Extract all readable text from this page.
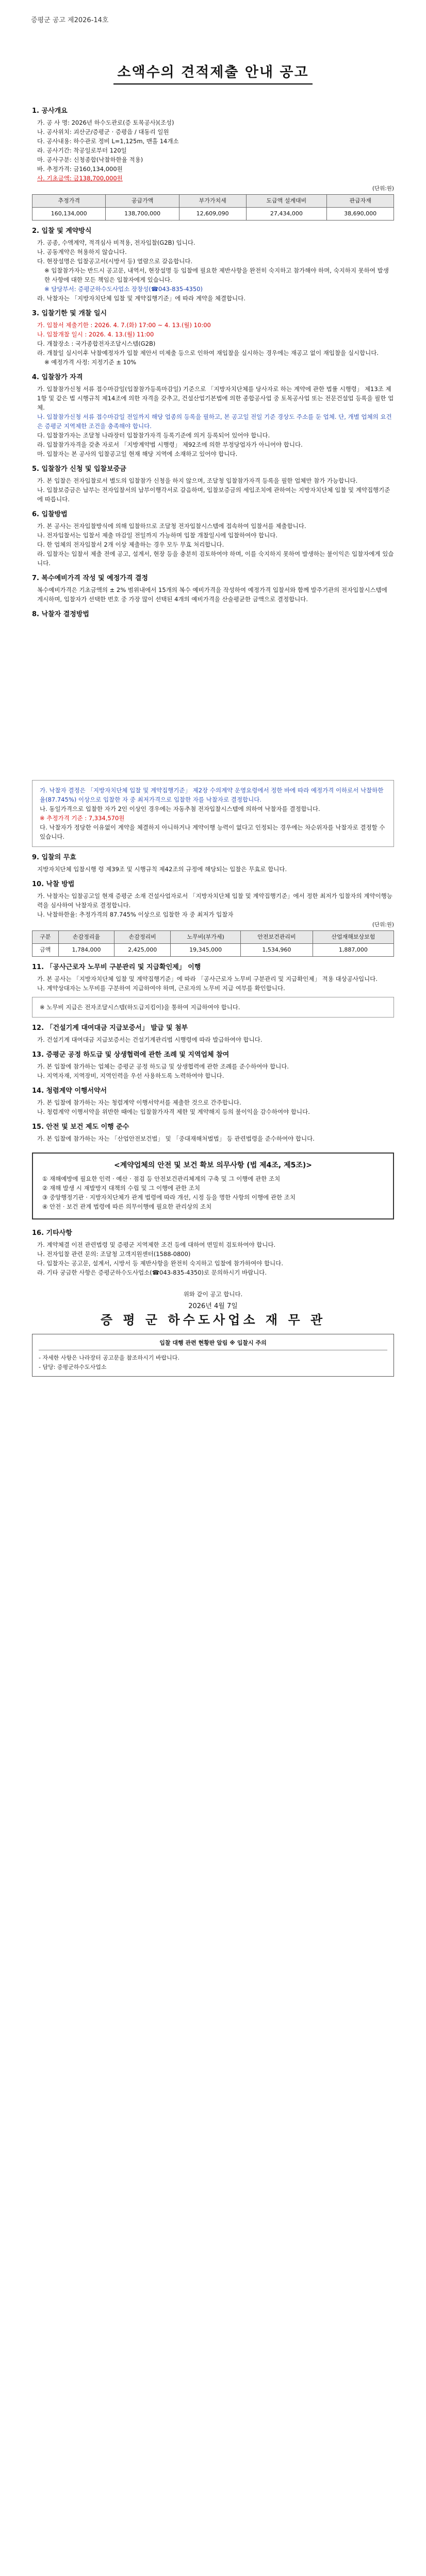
증평군 공고 제2026-14호
소액수의 견적제출 안내 공고
1. 공사개요
가. 공 사 명: 2026년 하수도관로(증 토목공사)(조성)
나. 공사위치: 괴산군/증평군 · 증평읍 / 대동리 일원
다. 공사내용: 하수관로 정비 L=1,125m, 맨홀 14개소
라. 공사기간: 착공일로부터 120일
마. 공사구분: 신청종합(낙찰하한율 적용)
바. 추정가격: 금160,134,000원
사. 기초금액: 금138,700,000원
(단위:원)
추정가격	공급가액	부가가치세	도급액 설계대비	관급자재
160,134,000	138,700,000	12,609,090	27,434,000	38,690,000
2. 입찰 및 계약방식
가. 공종, 수액계약, 적격심사 비적용, 전자입찰(G2B) 입니다.
나. 공동계약은 허용하지 않습니다.
다. 현장설명은 입찰공고서(시방서 등) 열람으로 갈음합니다.
※ 입찰참가자는 반드시 공고문, 내역서, 현장설명 등 입찰에 필요한 제반사항을 완전히 숙지하고 참가해야 하며, 숙지하지 못하여 발생한 사항에 대한 모든 책임은 입찰자에게 있습니다.
※ 담당부서: 증평군하수도사업소 장창성(☎043-835-4350)
라. 낙찰자는 「지방자치단체 입찰 및 계약집행기준」에 따라 계약을 체결합니다.
3. 입찰기한 및 개찰 일시
가. 입찰서 제출기한 : 2026. 4. 7.(화) 17:00 ~ 4. 13.(월) 10:00
나. 입찰개찰 일시 : 2026. 4. 13.(월) 11:00
다. 개찰장소 : 국가종합전자조달시스템(G2B)
라. 개찰일 실시이후 낙찰예정자가 입찰 제안서 미제출 등으로 인하여 재입찰을 실시하는 경우에는 재공고 없이 재입찰을 실시합니다.
※ 예정가격 사정: 지정기준 ± 10%
4. 입찰참가 자격
가. 입찰참가신청 서류 접수마감일(입찰참가등록마감일) 기준으로 「지방자치단체를 당사자로 하는 계약에 관한 법률 시행령」 제13조 제1항 및 같은 법 시행규칙 제14조에 의한 자격을 갖추고, 건설산업기본법에 의한 종합공사업 중 토목공사업 또는 전문건설업 등록을 필한 업체.
나. 입찰참가신청 서류 접수마감일 전일까지 해당 업종의 등록을 필하고, 본 공고일 전일 기준 경상도 주소를 둔 업체. 단, 개별 업체의 요건은 증평군 지역제한 조건을 충족해야 합니다.
다. 입찰참가자는 조달청 나라장터 입찰참가자격 등록기준에 의거 등록되어 있어야 합니다.
라. 입찰참가자격을 갖춘 자로서 「지방계약법 시행령」 제92조에 의한 부정당업자가 아니어야 합니다.
마. 입찰자는 본 공사의 입찰공고일 현재 해당 지역에 소재하고 있어야 합니다.
5. 입찰참가 신청 및 입찰보증금
가. 본 입찰은 전자입찰로서 별도의 입찰참가 신청을 하지 않으며, 조달청 입찰참가자격 등록을 필한 업체만 참가 가능합니다.
나. 입찰보증금은 납부는 전자입찰서의 납부이행각서로 갈음하며, 입찰보증금의 세입조치에 관하여는 지방자치단체 입찰 및 계약집행기준에 따릅니다.
6. 입찰방법
가. 본 공사는 전자입찰방식에 의해 입찰하므로 조달청 전자입찰시스템에 접속하여 입찰서를 제출합니다.
나. 전자입찰서는 입찰서 제출 마감일 전일까지 가능하며 입찰 개찰일시에 입찰하여야 합니다.
다. 한 업체의 전자입찰서 2개 이상 제출하는 경우 모두 무효 처리합니다.
라. 입찰자는 입찰서 제출 전에 공고, 설계서, 현장 등을 충분히 검토하여야 하며, 이를 숙지하지 못하여 발생하는 불이익은 입찰자에게 있습니다.
7. 복수예비가격 작성 및 예정가격 결정
복수예비가격은 기초금액의 ± 2% 범위내에서 15개의 복수 예비가격을 작성하여 예정가격 입찰서와 함께 발주기관의 전자입찰시스템에 게시하며, 입찰자가 선택한 번호 중 가장 많이 선택된 4개의 예비가격을 산술평균한 금액으로 결정합니다.
8. 낙찰자 결정방법
가. 낙찰자 결정은 「지방자치단체 입찰 및 계약집행기준」 제2장 수의계약 운영요령에서 정한 바에 따라 예정가격 이하로서 낙찰하한율(87.745%) 이상으로 입찰한 자 중 최저가격으로 입찰한 자를 낙찰자로 결정합니다.
나. 동일가격으로 입찰한 자가 2인 이상인 경우에는 자동추첨 전자입찰시스템에 의하여 낙찰자를 결정합니다.
※ 추정가격 기준 : 7,334,570원
다. 낙찰자가 정당한 이유없이 계약을 체결하지 아니하거나 계약이행 능력이 없다고 인정되는 경우에는 차순위자를 낙찰자로 결정할 수 있습니다.
9. 입찰의 무효
지방자치단체 입찰시행 령 제39조 및 시행규칙 제42조의 규정에 해당되는 입찰은 무효로 합니다.
10. 낙찰 방법
가. 낙찰자는 입찰공고일 현재 증평군 소재 건설사업자로서 「지방자치단체 입찰 및 계약집행기준」에서 정한 최저가 입찰자의 계약이행능력을 심사하여 낙찰자로 결정합니다.
나. 낙찰하한율: 추정가격의 87.745% 이상으로 입찰한 자 중 최저가 입찰자
(단위:원)
구분	손감정리율	손감정리비	노무비(부가세)	안전보건관리비	산업재해보상보험
금액	1,784,000	2,425,000	19,345,000	1,534,960	1,887,000
11. 「공사근로자 노무비 구분관리 및 지급확인제」 이행
가. 본 공사는 「지방자치단체 입찰 및 계약집행기준」에 따라 「공사근로자 노무비 구분관리 및 지급확인제」 적용 대상공사입니다.
나. 계약상대자는 노무비를 구분하여 지급하여야 하며, 근로자의 노무비 지급 여부를 확인합니다.
※ 노무비 지급은 전자조달시스템(하도급지킴이)을 통하여 지급하여야 합니다.
12. 「건설기계 대여대금 지급보증서」 발급 및 첨부
가. 건설기계 대여대금 지급보증서는 건설기계관리법 시행령에 따라 발급하여야 합니다.
13. 증평군 공정 하도급 및 상생협력에 관한 조례 및 지역업체 참여
가. 본 입찰에 참가하는 업체는 증평군 공정 하도급 및 상생협력에 관한 조례를 준수하여야 합니다.
나. 지역자재, 지역장비, 지역인력을 우선 사용하도록 노력하여야 합니다.
14. 청렴계약 이행서약서
가. 본 입찰에 참가하는 자는 청렴계약 이행서약서를 제출한 것으로 간주합니다.
나. 청렴계약 이행서약을 위반한 때에는 입찰참가자격 제한 및 계약해지 등의 불이익을 감수하여야 합니다.
15. 안전 및 보건 제도 이행 준수
가. 본 입찰에 참가하는 자는 「산업안전보건법」 및 「중대재해처벌법」 등 관련법령을 준수하여야 합니다.
<계약업체의 안전 및 보건 확보 의무사항 (법 제4조, 제5조)>
① 재해예방에 필요한 인력 · 예산 · 점검 등 안전보건관리체계의 구축 및 그 이행에 관한 조치
② 재해 발생 시 재발방지 대책의 수립 및 그 이행에 관한 조치
③ 중앙행정기관 · 지방자치단체가 관계 법령에 따라 개선, 시정 등을 명한 사항의 이행에 관한 조치
④ 안전 · 보건 관계 법령에 따른 의무이행에 필요한 관리상의 조치
16. 기타사항
가. 계약체결 이전 관련법령 및 증평군 지역제한 조건 등에 대하여 면밀히 검토하여야 합니다.
나. 전자입찰 관련 문의: 조달청 고객지원센터(1588-0800)
다. 입찰자는 공고문, 설계서, 시방서 등 제반사항을 완전히 숙지하고 입찰에 참가하여야 합니다.
라. 기타 궁금한 사항은 증평군하수도사업소(☎043-835-4350)로 문의하시기 바랍니다.
위와 같이 공고 합니다.
2026년 4월 7일
증 평 군 하수도사업소 재 무 관
입찰 대행 관련 현황판 알림 ※ 입찰시 주의
- 자세한 사항은 나라장터 공고문을 참조하시기 바랍니다.
- 담당: 증평군하수도사업소
